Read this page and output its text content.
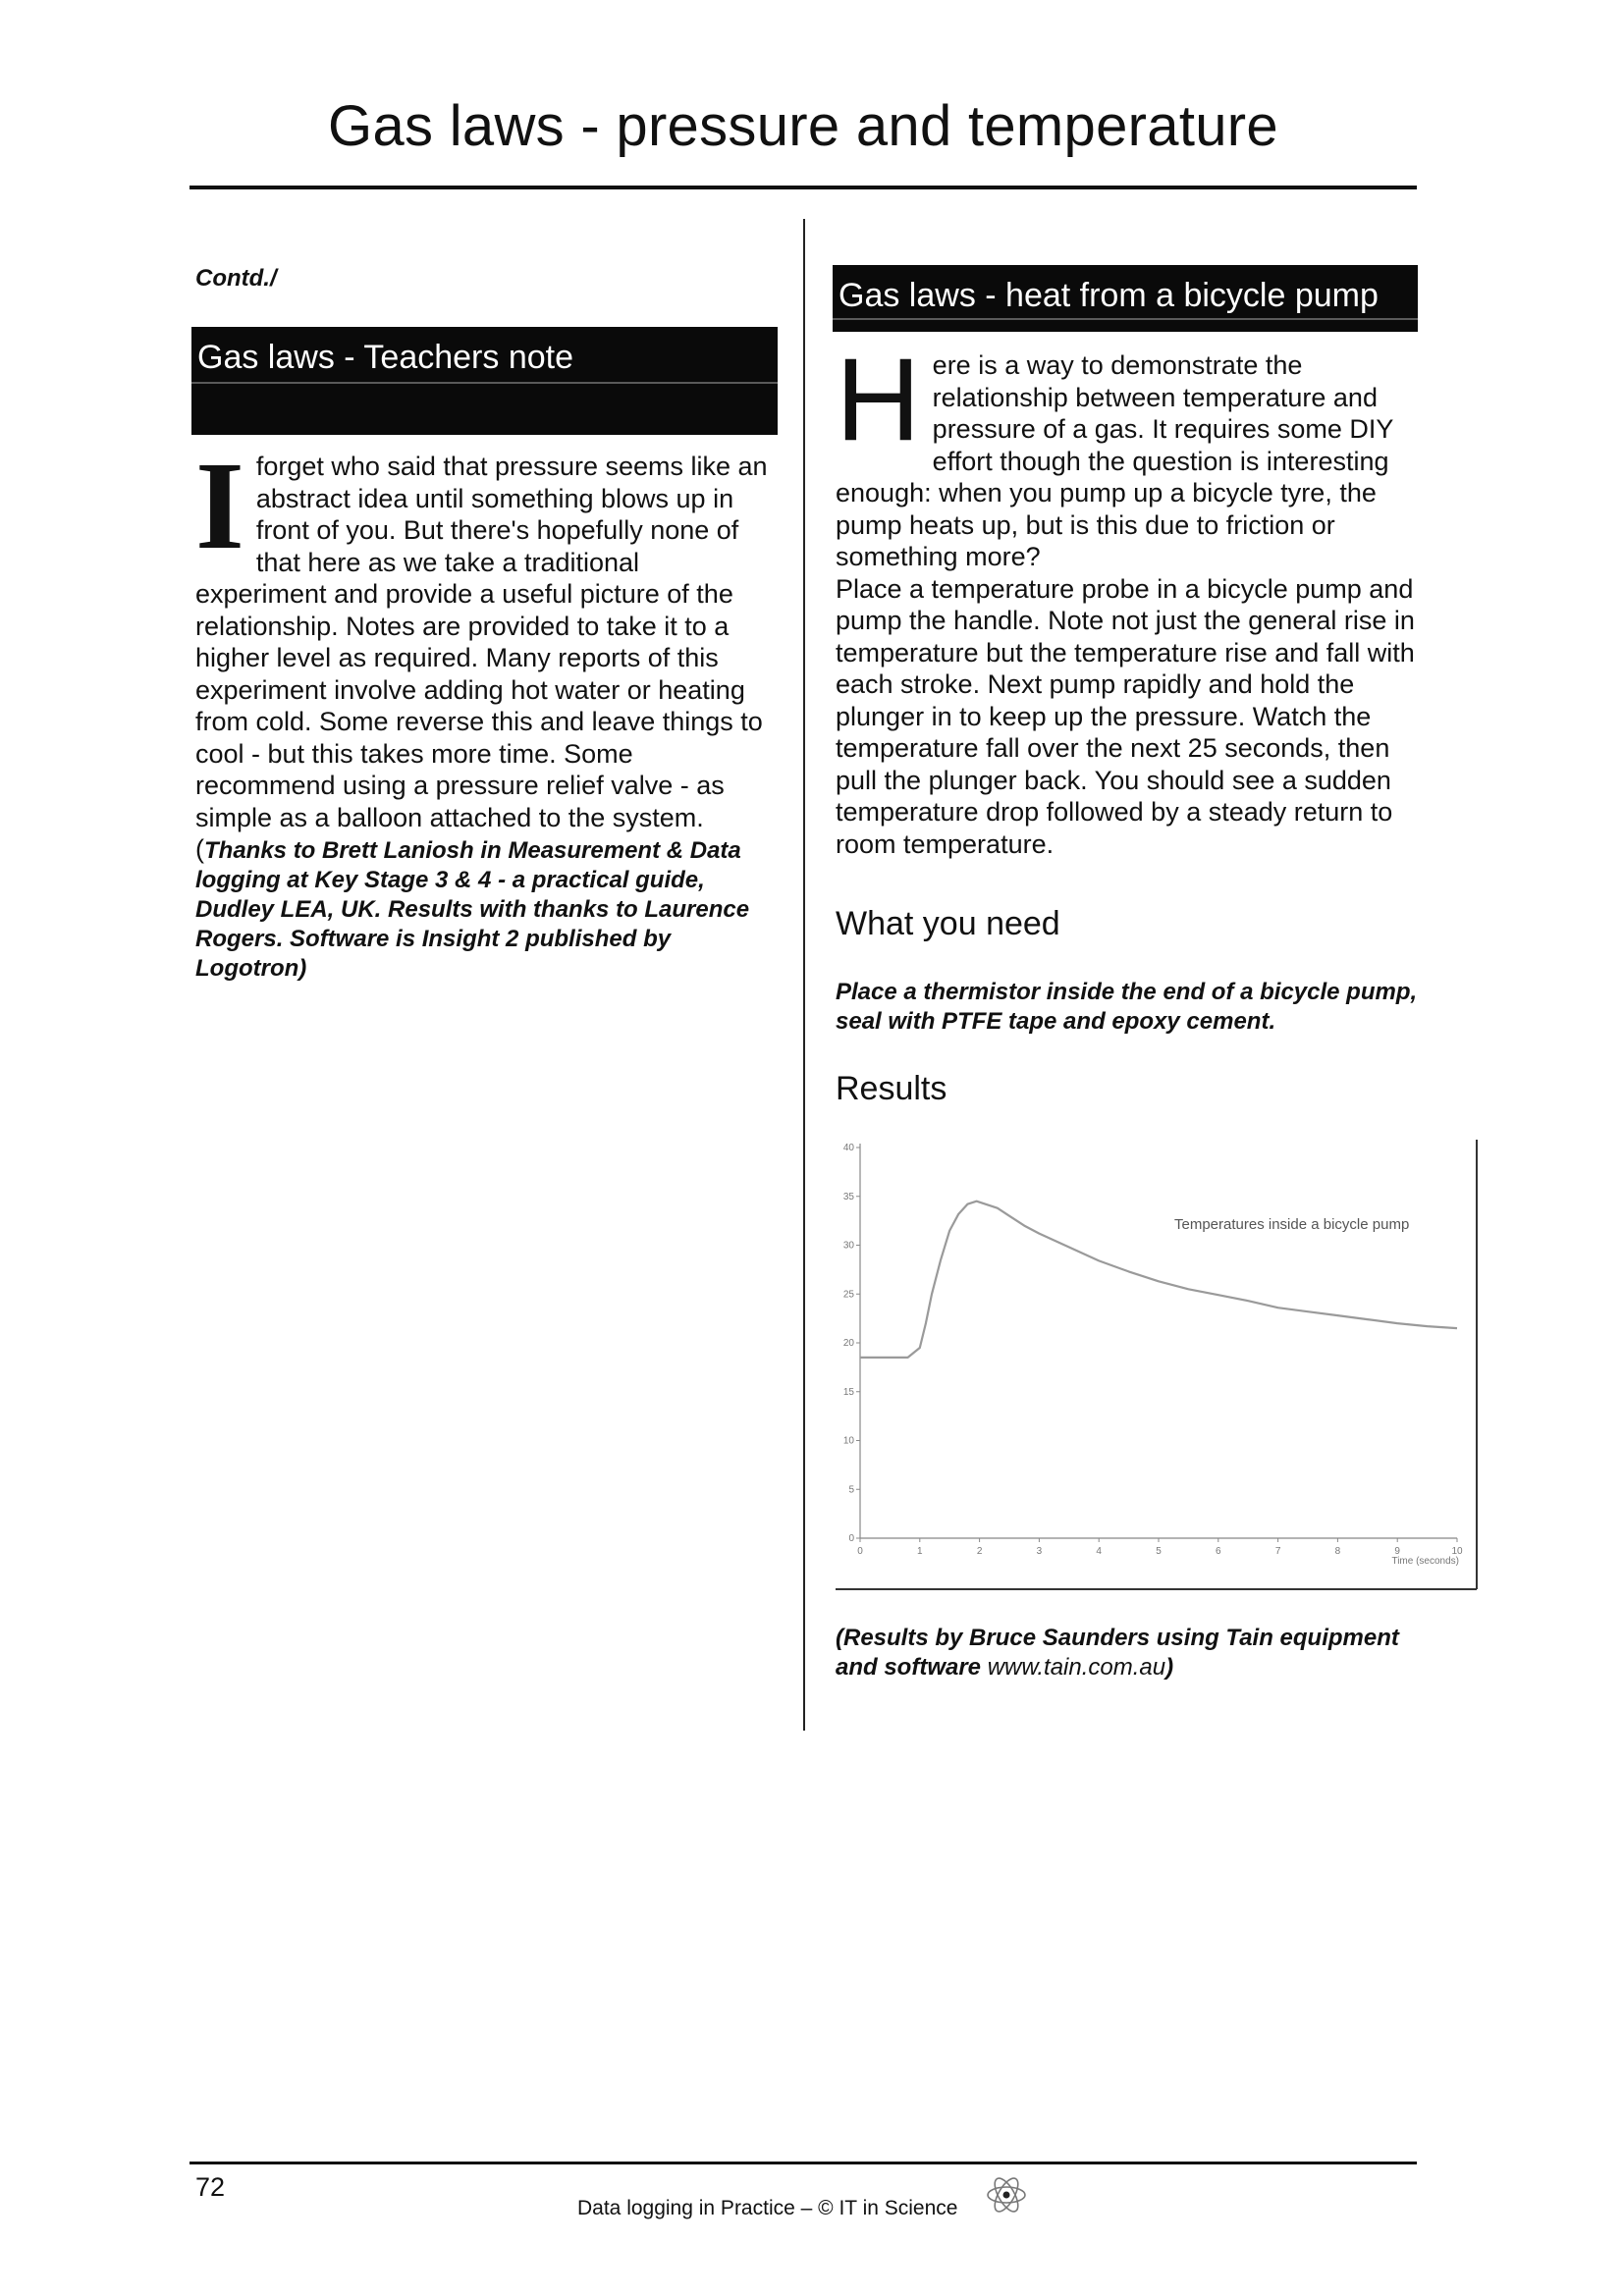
Gas laws - pressure and temperature
Contd./
Gas laws - Teachers note
I forget who said that pressure seems like an abstract idea until something blows up in front of you. But there's hopefully none of that here as we take a traditional experiment and provide a useful picture of the relationship. Notes are provided to take it to a higher level as required. Many reports of this experiment involve adding hot water or heating from cold. Some reverse this and leave things to cool - but this takes more time. Some recommend using a pressure relief valve - as simple as a balloon attached to the system.
(Thanks to Brett Laniosh in Measurement & Data logging at Key Stage 3 & 4 - a practical guide, Dudley LEA, UK. Results with thanks to Laurence Rogers. Software is Insight 2 published by Logotron)
Gas laws - heat from a bicycle pump
Here is a way to demonstrate the relationship between temperature and pressure of a gas. It requires some DIY effort though the question is interesting enough: when you pump up a bicycle tyre, the pump heats up, but is this due to friction or something more?
Place a temperature probe in a bicycle pump and pump the handle. Note not just the general rise in temperature but the temperature rise and fall with each stroke. Next pump rapidly and hold the plunger in to keep up the pressure. Watch the temperature fall over the next 25 seconds, then pull the plunger back. You should see a sudden temperature drop followed by a steady return to room temperature.
What you need
Place a thermistor inside the end of a bicycle pump, seal with PTFE tape and epoxy cement.
Results
0
5
10
15
20
25
30
35
40
0	1	2	3	4	5	6	7	8	9	10
Time (seconds)
Temperatures inside a bicycle pump
(Results by Bruce Saunders using Tain equipment and software www.tain.com.au)
72
Data logging in Practice – © IT in Science
